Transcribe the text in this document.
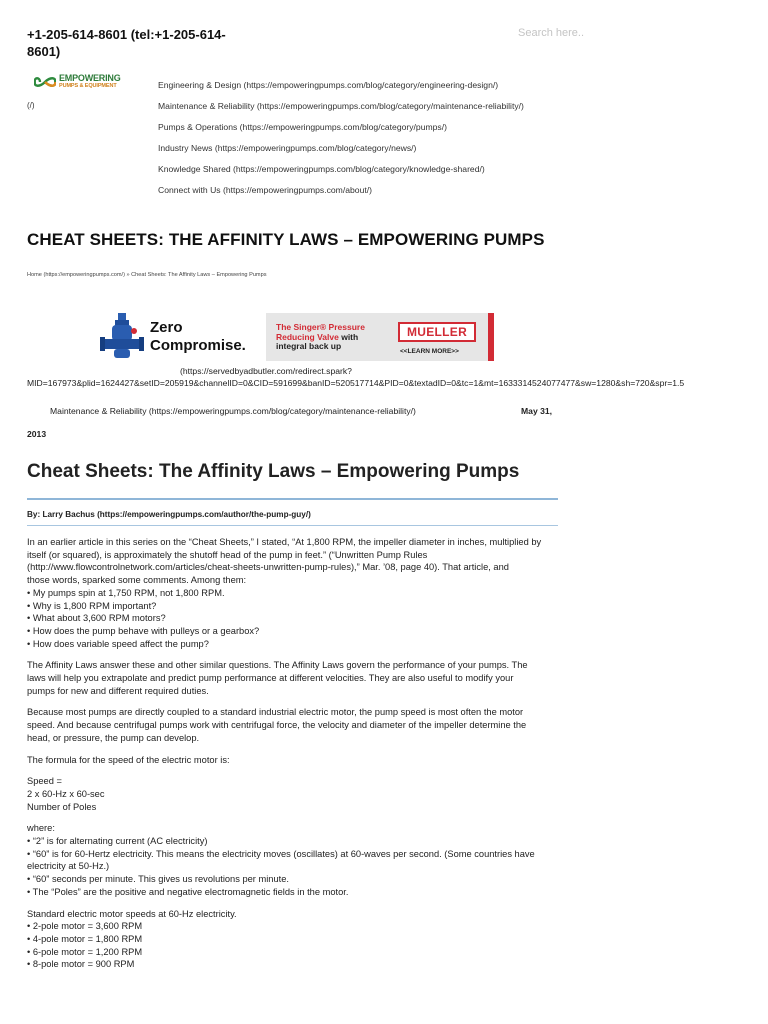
+1-205-614-8601 (tel:+1-205-614-8601)
Search here..
EMPOWERING
PUMPS & EQUIPMENT
(/)
Engineering & Design (https://empoweringpumps.com/blog/category/engineering-design/)
Maintenance & Reliability (https://empoweringpumps.com/blog/category/maintenance-reliability/)
Pumps & Operations (https://empoweringpumps.com/blog/category/pumps/)
Industry News (https://empoweringpumps.com/blog/category/news/)
Knowledge Shared (https://empoweringpumps.com/blog/category/knowledge-shared/)
Connect with Us (https://empoweringpumps.com/about/)
CHEAT SHEETS: THE AFFINITY LAWS – EMPOWERING PUMPS
Home (https://empoweringpumps.com/) » Cheat Sheets: The Affinity Laws – Empowering Pumps
Zero
Compromise.
The Singer® Pressure
Reducing Valve with
integral back up
MUELLER
<<LEARN MORE>>
(https://servedbyadbutler.com/redirect.spark?
MID=167973&plid=1624427&setID=205919&channelID=0&CID=591699&banID=520517714&PID=0&textadID=0&tc=1&mt=1633314524077477&sw=1280&sh=720&spr=1.5
Maintenance & Reliability (https://empoweringpumps.com/blog/category/maintenance-reliability/)	May 31,
2013
Cheat Sheets: The Affinity Laws – Empowering Pumps
By: Larry Bachus (https://empoweringpumps.com/author/the-pump-guy/)

In an earlier article in this series on the “Cheat Sheets,” I stated, “At 1,800 RPM, the impeller diameter in inches, multiplied by
itself (or squared), is approximately the shutoff head of the pump in feet.” (“Unwritten Pump Rules
(http://www.flowcontrolnetwork.com/articles/cheat-sheets-unwritten-pump-rules),” Mar. ’08, page 40). That article, and
those words, sparked some comments. Among them:
• My pumps spin at 1,750 RPM, not 1,800 RPM.
• Why is 1,800 RPM important?
• What about 3,600 RPM motors?
• How does the pump behave with pulleys or a gearbox?
• How does variable speed affect the pump?

The Affinity Laws answer these and other similar questions. The Affinity Laws govern the performance of your pumps. The
laws will help you extrapolate and predict pump performance at different velocities. They are also useful to modify your
pumps for new and different required duties.

Because most pumps are directly coupled to a standard industrial electric motor, the pump speed is most often the motor
speed. And because centrifugal pumps work with centrifugal force, the velocity and diameter of the impeller determine the
head, or pressure, the pump can develop.

The formula for the speed of the electric motor is:

Speed =
2 x 60-Hz x 60-sec
Number of Poles

where:
• “2” is for alternating current (AC electricity)
• “60” is for 60-Hertz electricity. This means the electricity moves (oscillates) at 60-waves per second. (Some countries have
electricity at 50-Hz.)
• “60” seconds per minute. This gives us revolutions per minute.
• The “Poles” are the positive and negative electromagnetic fields in the motor.

Standard electric motor speeds at 60-Hz electricity.
• 2-pole motor = 3,600 RPM
• 4-pole motor = 1,800 RPM
• 6-pole motor = 1,200 RPM
• 8-pole motor = 900 RPM
